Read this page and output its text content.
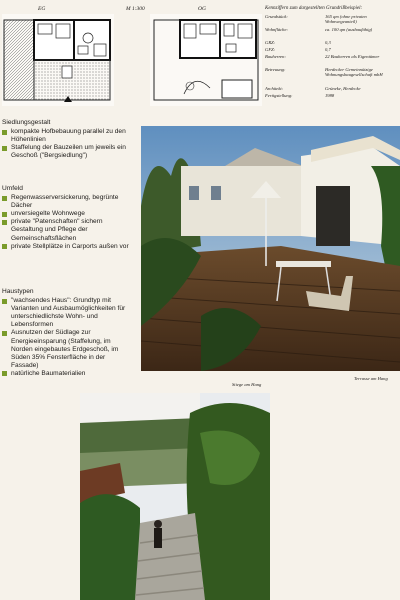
EG	M 1:300	OG	Kennziffern zum dargestellten Grundrißbeispiel:
Grundstück:	165 qm (ohne privaten Wohnwegeanteil)
Wohnfläche:	ca. 100 qm (ausbaufähig)
GRZ:	0,3
GFZ:	0,7
Bauherren:	22 Bauherren als Eigentümer
Betreuung:	Herdecker Gemeinnützige Wohnungsbaugesellschaft mbH
Architekt:	Grüneke, Herdecke
Fertigstellung:	1988
Siedlungsgestalt

kompakte Hofbebauung parallel zu den Höhenlinien

Staffelung der Bauzeilen um jeweils ein Geschoß ("Bergsiedlung")

Umfeld

Regenwasserversickerung, begrünte Dächer

unversiegelte Wohnwege

private "Patenschaften" sichern Gestaltung und Pflege der Gemeinschaftsflächen

private Stellplätze in Carports außen vor

Haustypen

"wachsendes Haus": Grundtyp mit Varianten und Ausbaumöglichkeiten für unterschiedlichste Wohn- und Lebensformen

Ausnutzen der Südlage zur Energieeinsparung (Staffelung, im Norden eingebautes Erdgeschoß, im Süden 35% Fensterfläche in der Fassade)

natürliche Baumaterialien

Terrasse am Hang
Stiege am Hang
